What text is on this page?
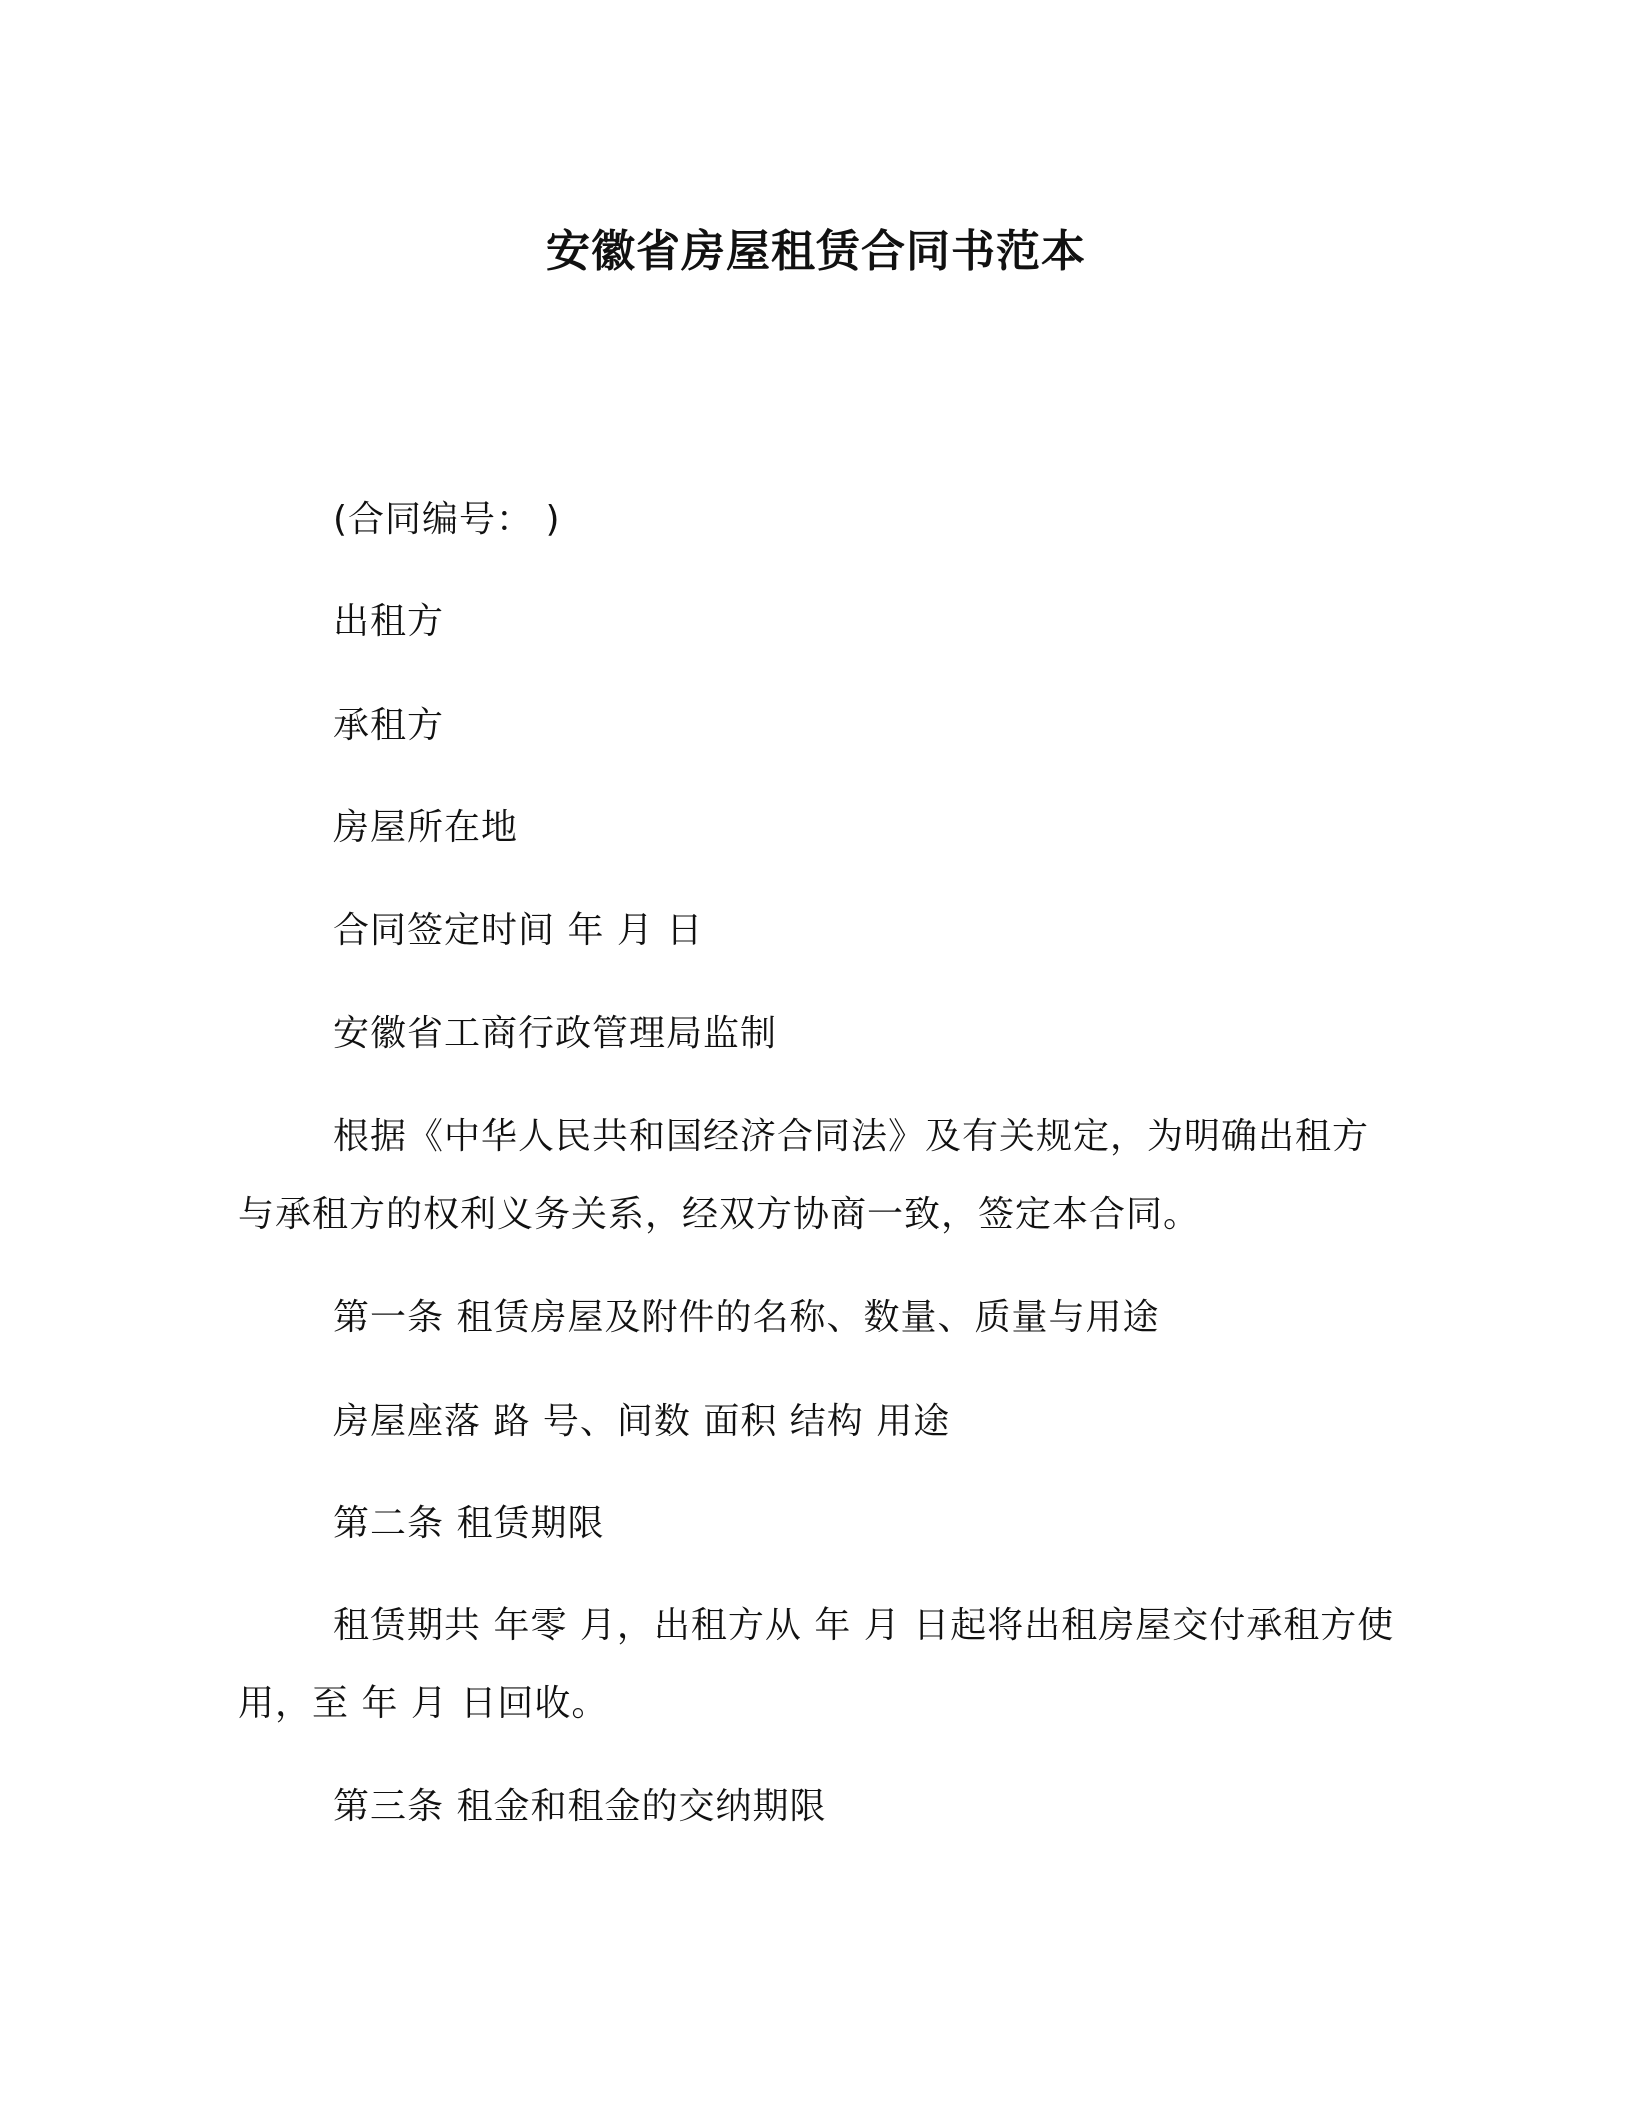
安徽省房屋租赁合同书范本
(合同编号： )
出租方
承租方
房屋所在地
合同签定时间 年 月 日
安徽省工商行政管理局监制

根据《中华人民共和国经济合同法》及有关规定，为明确出租方与承租方的权利义务关系，经双方协商一致，签定本合同。

第一条 租赁房屋及附件的名称、数量、质量与用途
房屋座落 路 号、间数 面积 结构 用途
第二条 租赁期限

租赁期共 年零 月，出租方从 年 月 日起将出租房屋交付承租方使用，至 年 月 日回收。

第三条 租金和租金的交纳期限
